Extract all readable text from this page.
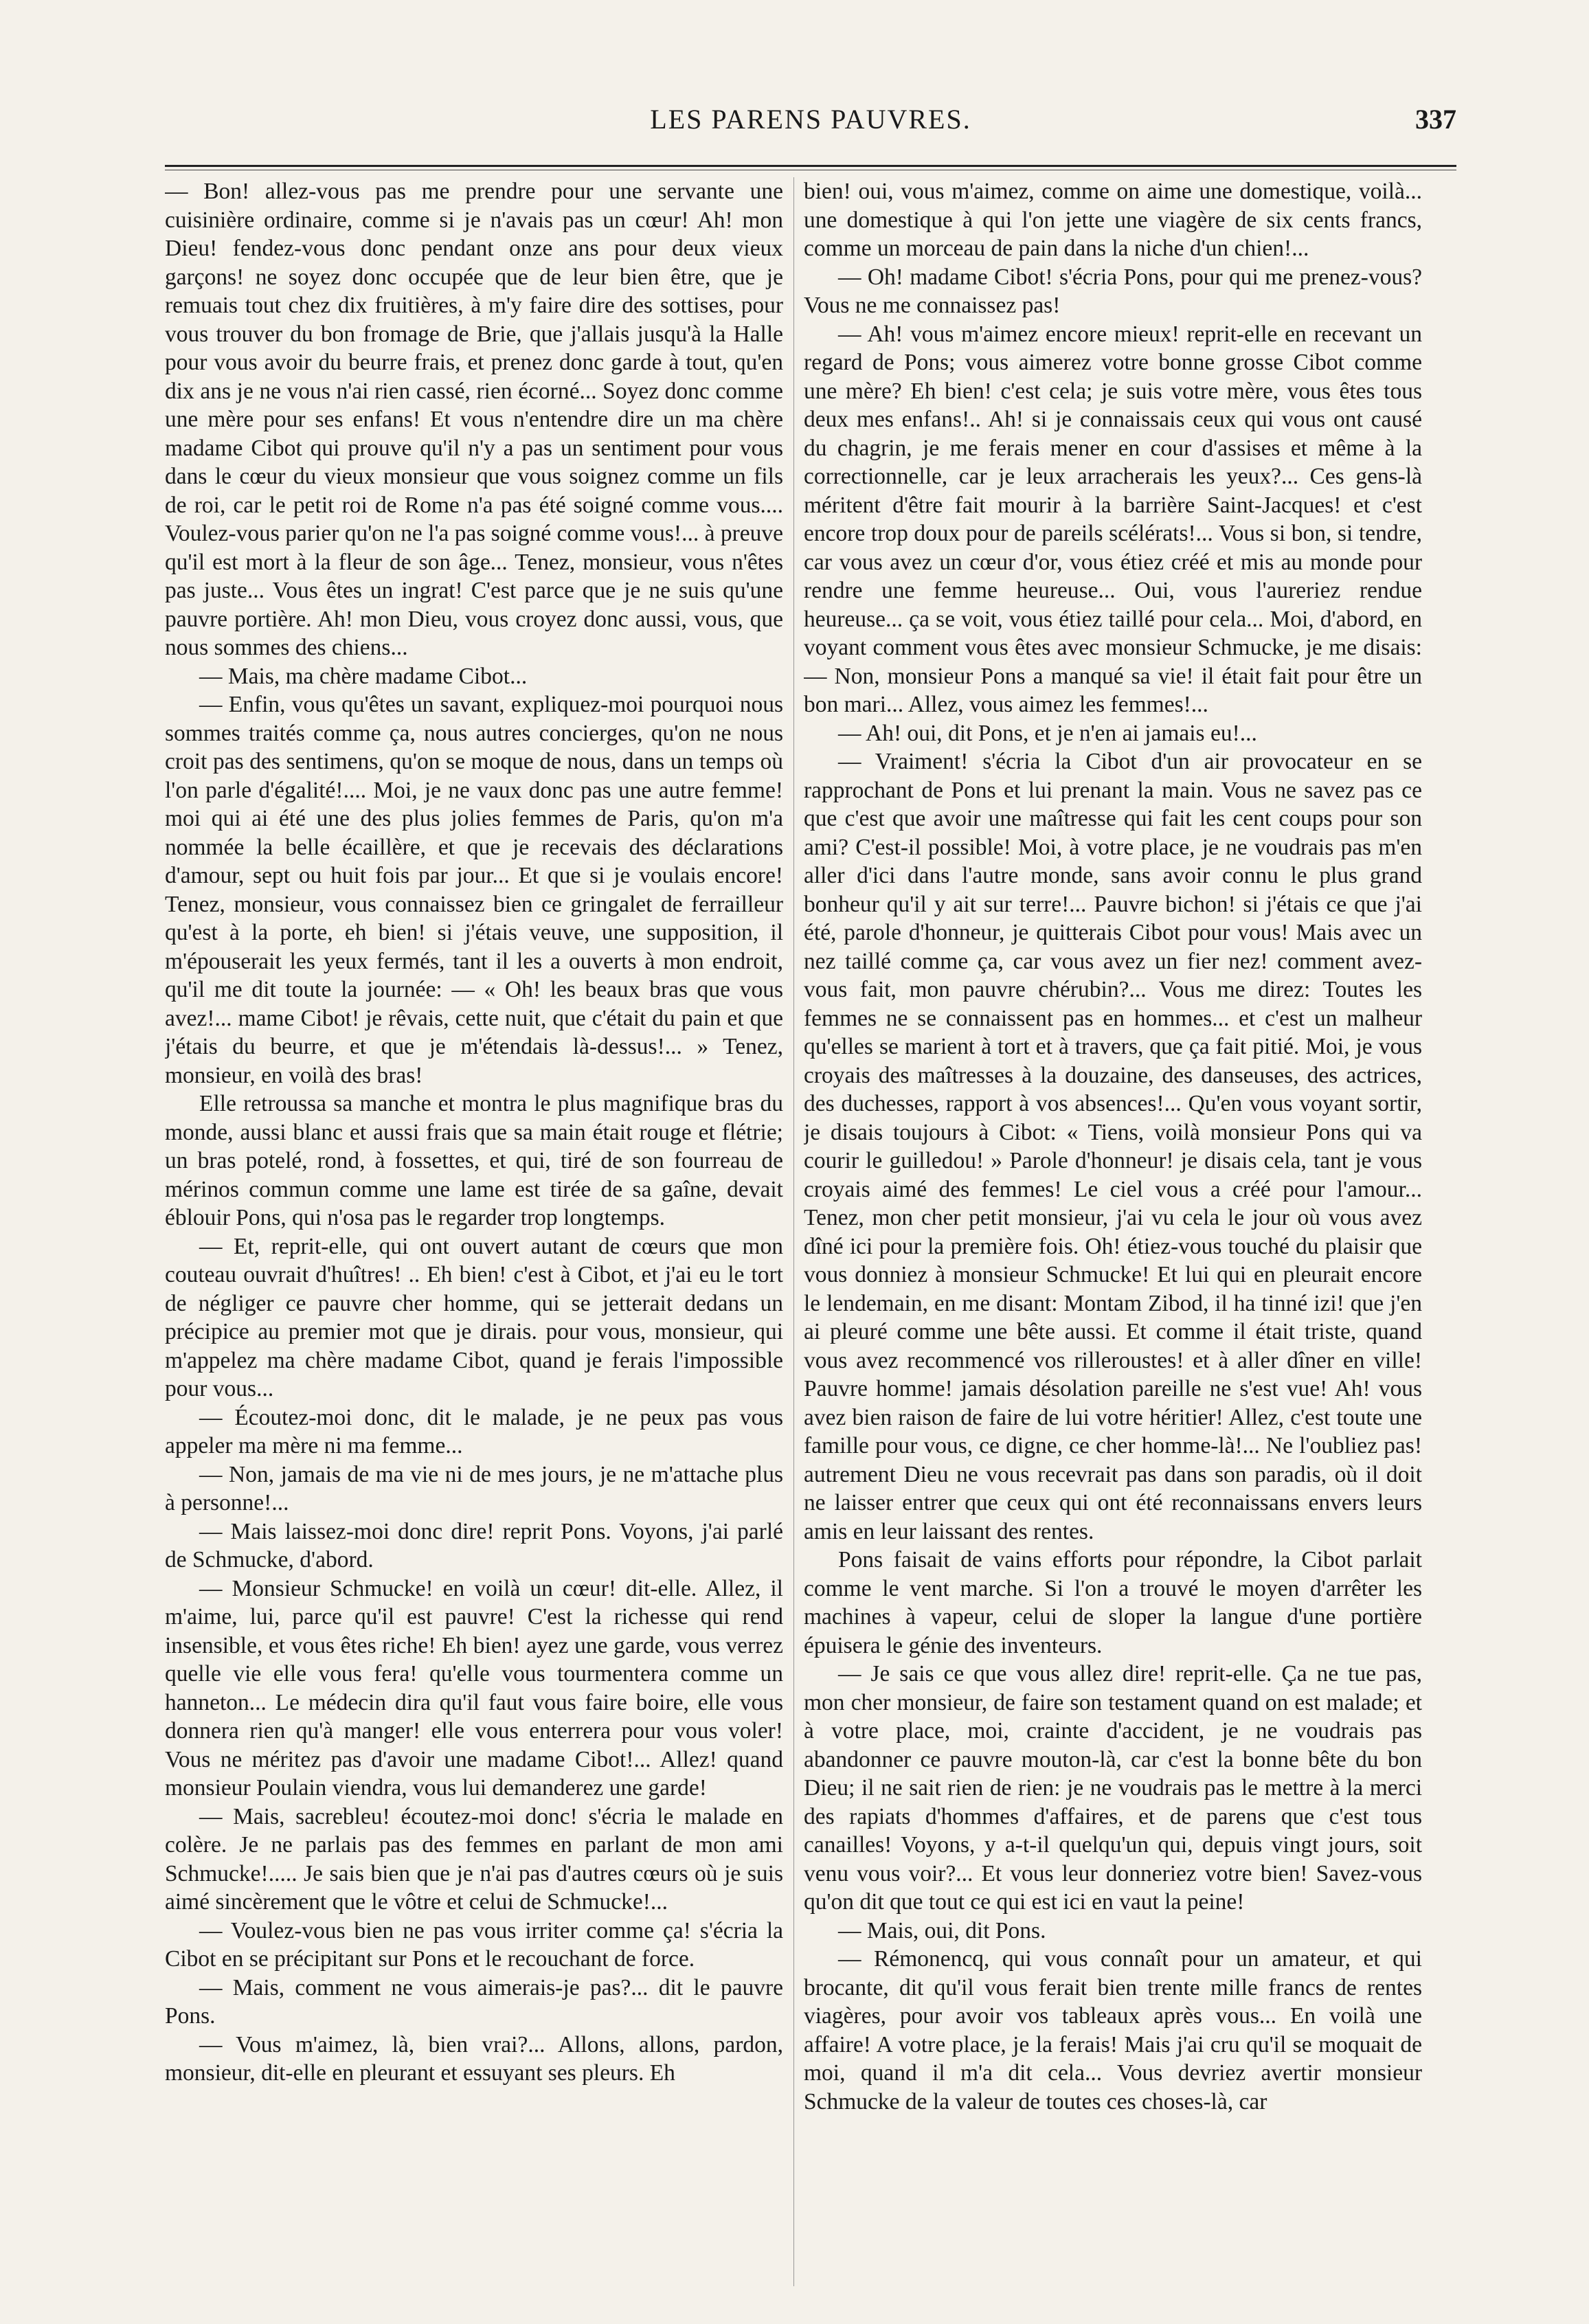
LES PARENS PAUVRES.	337

— Bon! allez-vous pas me prendre pour une servante une cuisinière ordinaire, comme si je n'avais pas un cœur! Ah! mon Dieu! fendez-vous donc pendant onze ans pour deux vieux garçons! ne soyez donc occupée que de leur bien être, que je remuais tout chez dix fruitières, à m'y faire dire des sottises, pour vous trouver du bon fromage de Brie, que j'allais jusqu'à la Halle pour vous avoir du beurre frais, et prenez donc garde à tout, qu'en dix ans je ne vous n'ai rien cassé, rien écorné... Soyez donc comme une mère pour ses enfans! Et vous n'entendre dire un ma chère madame Cibot qui prouve qu'il n'y a pas un sentiment pour vous dans le cœur du vieux monsieur que vous soignez comme un fils de roi, car le petit roi de Rome n'a pas été soigné comme vous.... Voulez-vous parier qu'on ne l'a pas soigné comme vous!... à preuve qu'il est mort à la fleur de son âge... Tenez, monsieur, vous n'êtes pas juste... Vous êtes un ingrat! C'est parce que je ne suis qu'une pauvre portière. Ah! mon Dieu, vous croyez donc aussi, vous, que nous sommes des chiens...

— Mais, ma chère madame Cibot...

— Enfin, vous qu'êtes un savant, expliquez-moi pourquoi nous sommes traités comme ça, nous autres concierges, qu'on ne nous croit pas des sentimens, qu'on se moque de nous, dans un temps où l'on parle d'égalité!.... Moi, je ne vaux donc pas une autre femme! moi qui ai été une des plus jolies femmes de Paris, qu'on m'a nommée la belle écaillère, et que je recevais des déclarations d'amour, sept ou huit fois par jour... Et que si je voulais encore! Tenez, monsieur, vous connaissez bien ce gringalet de ferrailleur qu'est à la porte, eh bien! si j'étais veuve, une supposition, il m'épouserait les yeux fermés, tant il les a ouverts à mon endroit, qu'il me dit toute la journée: — « Oh! les beaux bras que vous avez!... mame Cibot! je rêvais, cette nuit, que c'était du pain et que j'étais du beurre, et que je m'étendais là-dessus!... » Tenez, monsieur, en voilà des bras!

Elle retroussa sa manche et montra le plus magnifique bras du monde, aussi blanc et aussi frais que sa main était rouge et flétrie; un bras potelé, rond, à fossettes, et qui, tiré de son fourreau de mérinos commun comme une lame est tirée de sa gaîne, devait éblouir Pons, qui n'osa pas le regarder trop longtemps.

— Et, reprit-elle, qui ont ouvert autant de cœurs que mon couteau ouvrait d'huîtres! .. Eh bien! c'est à Cibot, et j'ai eu le tort de négliger ce pauvre cher homme, qui se jetterait dedans un précipice au premier mot que je dirais. pour vous, monsieur, qui m'appelez ma chère madame Cibot, quand je ferais l'impossible pour vous...

— Écoutez-moi donc, dit le malade, je ne peux pas vous appeler ma mère ni ma femme...

— Non, jamais de ma vie ni de mes jours, je ne m'attache plus à personne!...

— Mais laissez-moi donc dire! reprit Pons. Voyons, j'ai parlé de Schmucke, d'abord.

— Monsieur Schmucke! en voilà un cœur! dit-elle. Allez, il m'aime, lui, parce qu'il est pauvre! C'est la richesse qui rend insensible, et vous êtes riche! Eh bien! ayez une garde, vous verrez quelle vie elle vous fera! qu'elle vous tourmentera comme un hanneton... Le médecin dira qu'il faut vous faire boire, elle vous donnera rien qu'à manger! elle vous enterrera pour vous voler! Vous ne méritez pas d'avoir une madame Cibot!... Allez! quand monsieur Poulain viendra, vous lui demanderez une garde!

— Mais, sacrebleu! écoutez-moi donc! s'écria le malade en colère. Je ne parlais pas des femmes en parlant de mon ami Schmucke!..... Je sais bien que je n'ai pas d'autres cœurs où je suis aimé sincèrement que le vôtre et celui de Schmucke!...

— Voulez-vous bien ne pas vous irriter comme ça! s'écria la Cibot en se précipitant sur Pons et le recouchant de force.

— Mais, comment ne vous aimerais-je pas?... dit le pauvre Pons.

— Vous m'aimez, là, bien vrai?... Allons, allons, pardon, monsieur, dit-elle en pleurant et essuyant ses pleurs. Eh

bien! oui, vous m'aimez, comme on aime une domestique, voilà... une domestique à qui l'on jette une viagère de six cents francs, comme un morceau de pain dans la niche d'un chien!...

— Oh! madame Cibot! s'écria Pons, pour qui me prenez-vous? Vous ne me connaissez pas!

— Ah! vous m'aimez encore mieux! reprit-elle en recevant un regard de Pons; vous aimerez votre bonne grosse Cibot comme une mère? Eh bien! c'est cela; je suis votre mère, vous êtes tous deux mes enfans!.. Ah! si je connaissais ceux qui vous ont causé du chagrin, je me ferais mener en cour d'assises et même à la correctionnelle, car je leux arracherais les yeux?... Ces gens-là méritent d'être fait mourir à la barrière Saint-Jacques! et c'est encore trop doux pour de pareils scélérats!... Vous si bon, si tendre, car vous avez un cœur d'or, vous étiez créé et mis au monde pour rendre une femme heureuse... Oui, vous l'aureriez rendue heureuse... ça se voit, vous étiez taillé pour cela... Moi, d'abord, en voyant comment vous êtes avec monsieur Schmucke, je me disais: — Non, monsieur Pons a manqué sa vie! il était fait pour être un bon mari... Allez, vous aimez les femmes!...

— Ah! oui, dit Pons, et je n'en ai jamais eu!...

— Vraiment! s'écria la Cibot d'un air provocateur en se rapprochant de Pons et lui prenant la main. Vous ne savez pas ce que c'est que avoir une maîtresse qui fait les cent coups pour son ami? C'est-il possible! Moi, à votre place, je ne voudrais pas m'en aller d'ici dans l'autre monde, sans avoir connu le plus grand bonheur qu'il y ait sur terre!... Pauvre bichon! si j'étais ce que j'ai été, parole d'honneur, je quitterais Cibot pour vous! Mais avec un nez taillé comme ça, car vous avez un fier nez! comment avez-vous fait, mon pauvre chérubin?... Vous me direz: Toutes les femmes ne se connaissent pas en hommes... et c'est un malheur qu'elles se marient à tort et à travers, que ça fait pitié. Moi, je vous croyais des maîtresses à la douzaine, des danseuses, des actrices, des duchesses, rapport à vos absences!... Qu'en vous voyant sortir, je disais toujours à Cibot: « Tiens, voilà monsieur Pons qui va courir le guilledou! » Parole d'honneur! je disais cela, tant je vous croyais aimé des femmes! Le ciel vous a créé pour l'amour... Tenez, mon cher petit monsieur, j'ai vu cela le jour où vous avez dîné ici pour la première fois. Oh! étiez-vous touché du plaisir que vous donniez à monsieur Schmucke! Et lui qui en pleurait encore le lendemain, en me disant: Montam Zibod, il ha tinné izi! que j'en ai pleuré comme une bête aussi. Et comme il était triste, quand vous avez recommencé vos rilleroustes! et à aller dîner en ville! Pauvre homme! jamais désolation pareille ne s'est vue! Ah! vous avez bien raison de faire de lui votre héritier! Allez, c'est toute une famille pour vous, ce digne, ce cher homme-là!... Ne l'oubliez pas! autrement Dieu ne vous recevrait pas dans son paradis, où il doit ne laisser entrer que ceux qui ont été reconnaissans envers leurs amis en leur laissant des rentes.

Pons faisait de vains efforts pour répondre, la Cibot parlait comme le vent marche. Si l'on a trouvé le moyen d'arrêter les machines à vapeur, celui de sloper la langue d'une portière épuisera le génie des inventeurs.

— Je sais ce que vous allez dire! reprit-elle. Ça ne tue pas, mon cher monsieur, de faire son testament quand on est malade; et à votre place, moi, crainte d'accident, je ne voudrais pas abandonner ce pauvre mouton-là, car c'est la bonne bête du bon Dieu; il ne sait rien de rien: je ne voudrais pas le mettre à la merci des rapiats d'hommes d'affaires, et de parens que c'est tous canailles! Voyons, y a-t-il quelqu'un qui, depuis vingt jours, soit venu vous voir?... Et vous leur donneriez votre bien! Savez-vous qu'on dit que tout ce qui est ici en vaut la peine!

— Mais, oui, dit Pons.

— Rémonencq, qui vous connaît pour un amateur, et qui brocante, dit qu'il vous ferait bien trente mille francs de rentes viagères, pour avoir vos tableaux après vous... En voilà une affaire! A votre place, je la ferais! Mais j'ai cru qu'il se moquait de moi, quand il m'a dit cela... Vous devriez avertir monsieur Schmucke de la valeur de toutes ces choses-là, car
